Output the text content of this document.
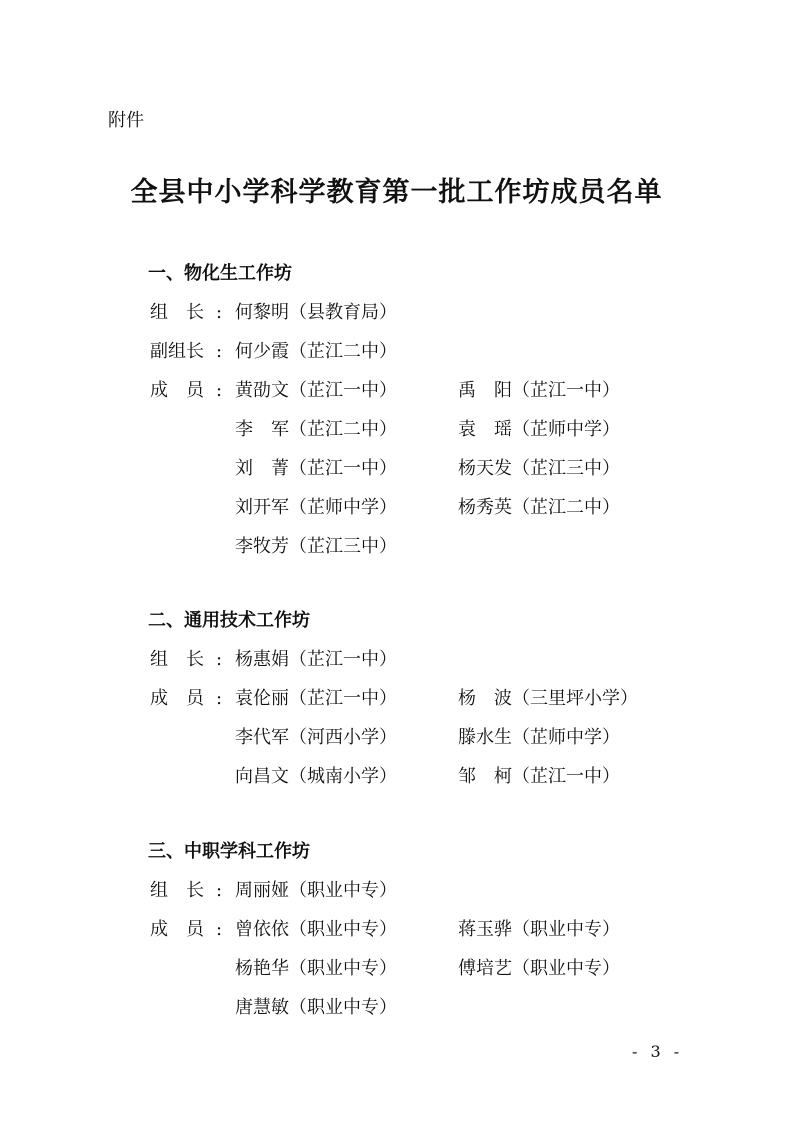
附件
全县中小学科学教育第一批工作坊成员名单
一、物化生工作坊
组　长 : 何黎明（县教育局）
副组长 : 何少霞（芷江二中）
成　员 : 黄劭文（芷江一中）	禹　阳（芷江一中）
李　军（芷江二中）	袁　瑶（芷师中学）
刘　菁（芷江一中）	杨天发（芷江三中）
刘开军（芷师中学）	杨秀英（芷江二中）
李牧芳（芷江三中）
二、通用技术工作坊
组　长 : 杨惠娟（芷江一中）
成　员 : 袁伦丽（芷江一中）	杨　波（三里坪小学）
李代军（河西小学）	滕水生（芷师中学）
向昌文（城南小学）	邹　柯（芷江一中）
三、中职学科工作坊
组　长 : 周丽娅（职业中专）
成　员 : 曾依依（职业中专）	蒋玉骅（职业中专）
杨艳华（职业中专）	傅培艺（职业中专）
唐慧敏（职业中专）
- 3 -
